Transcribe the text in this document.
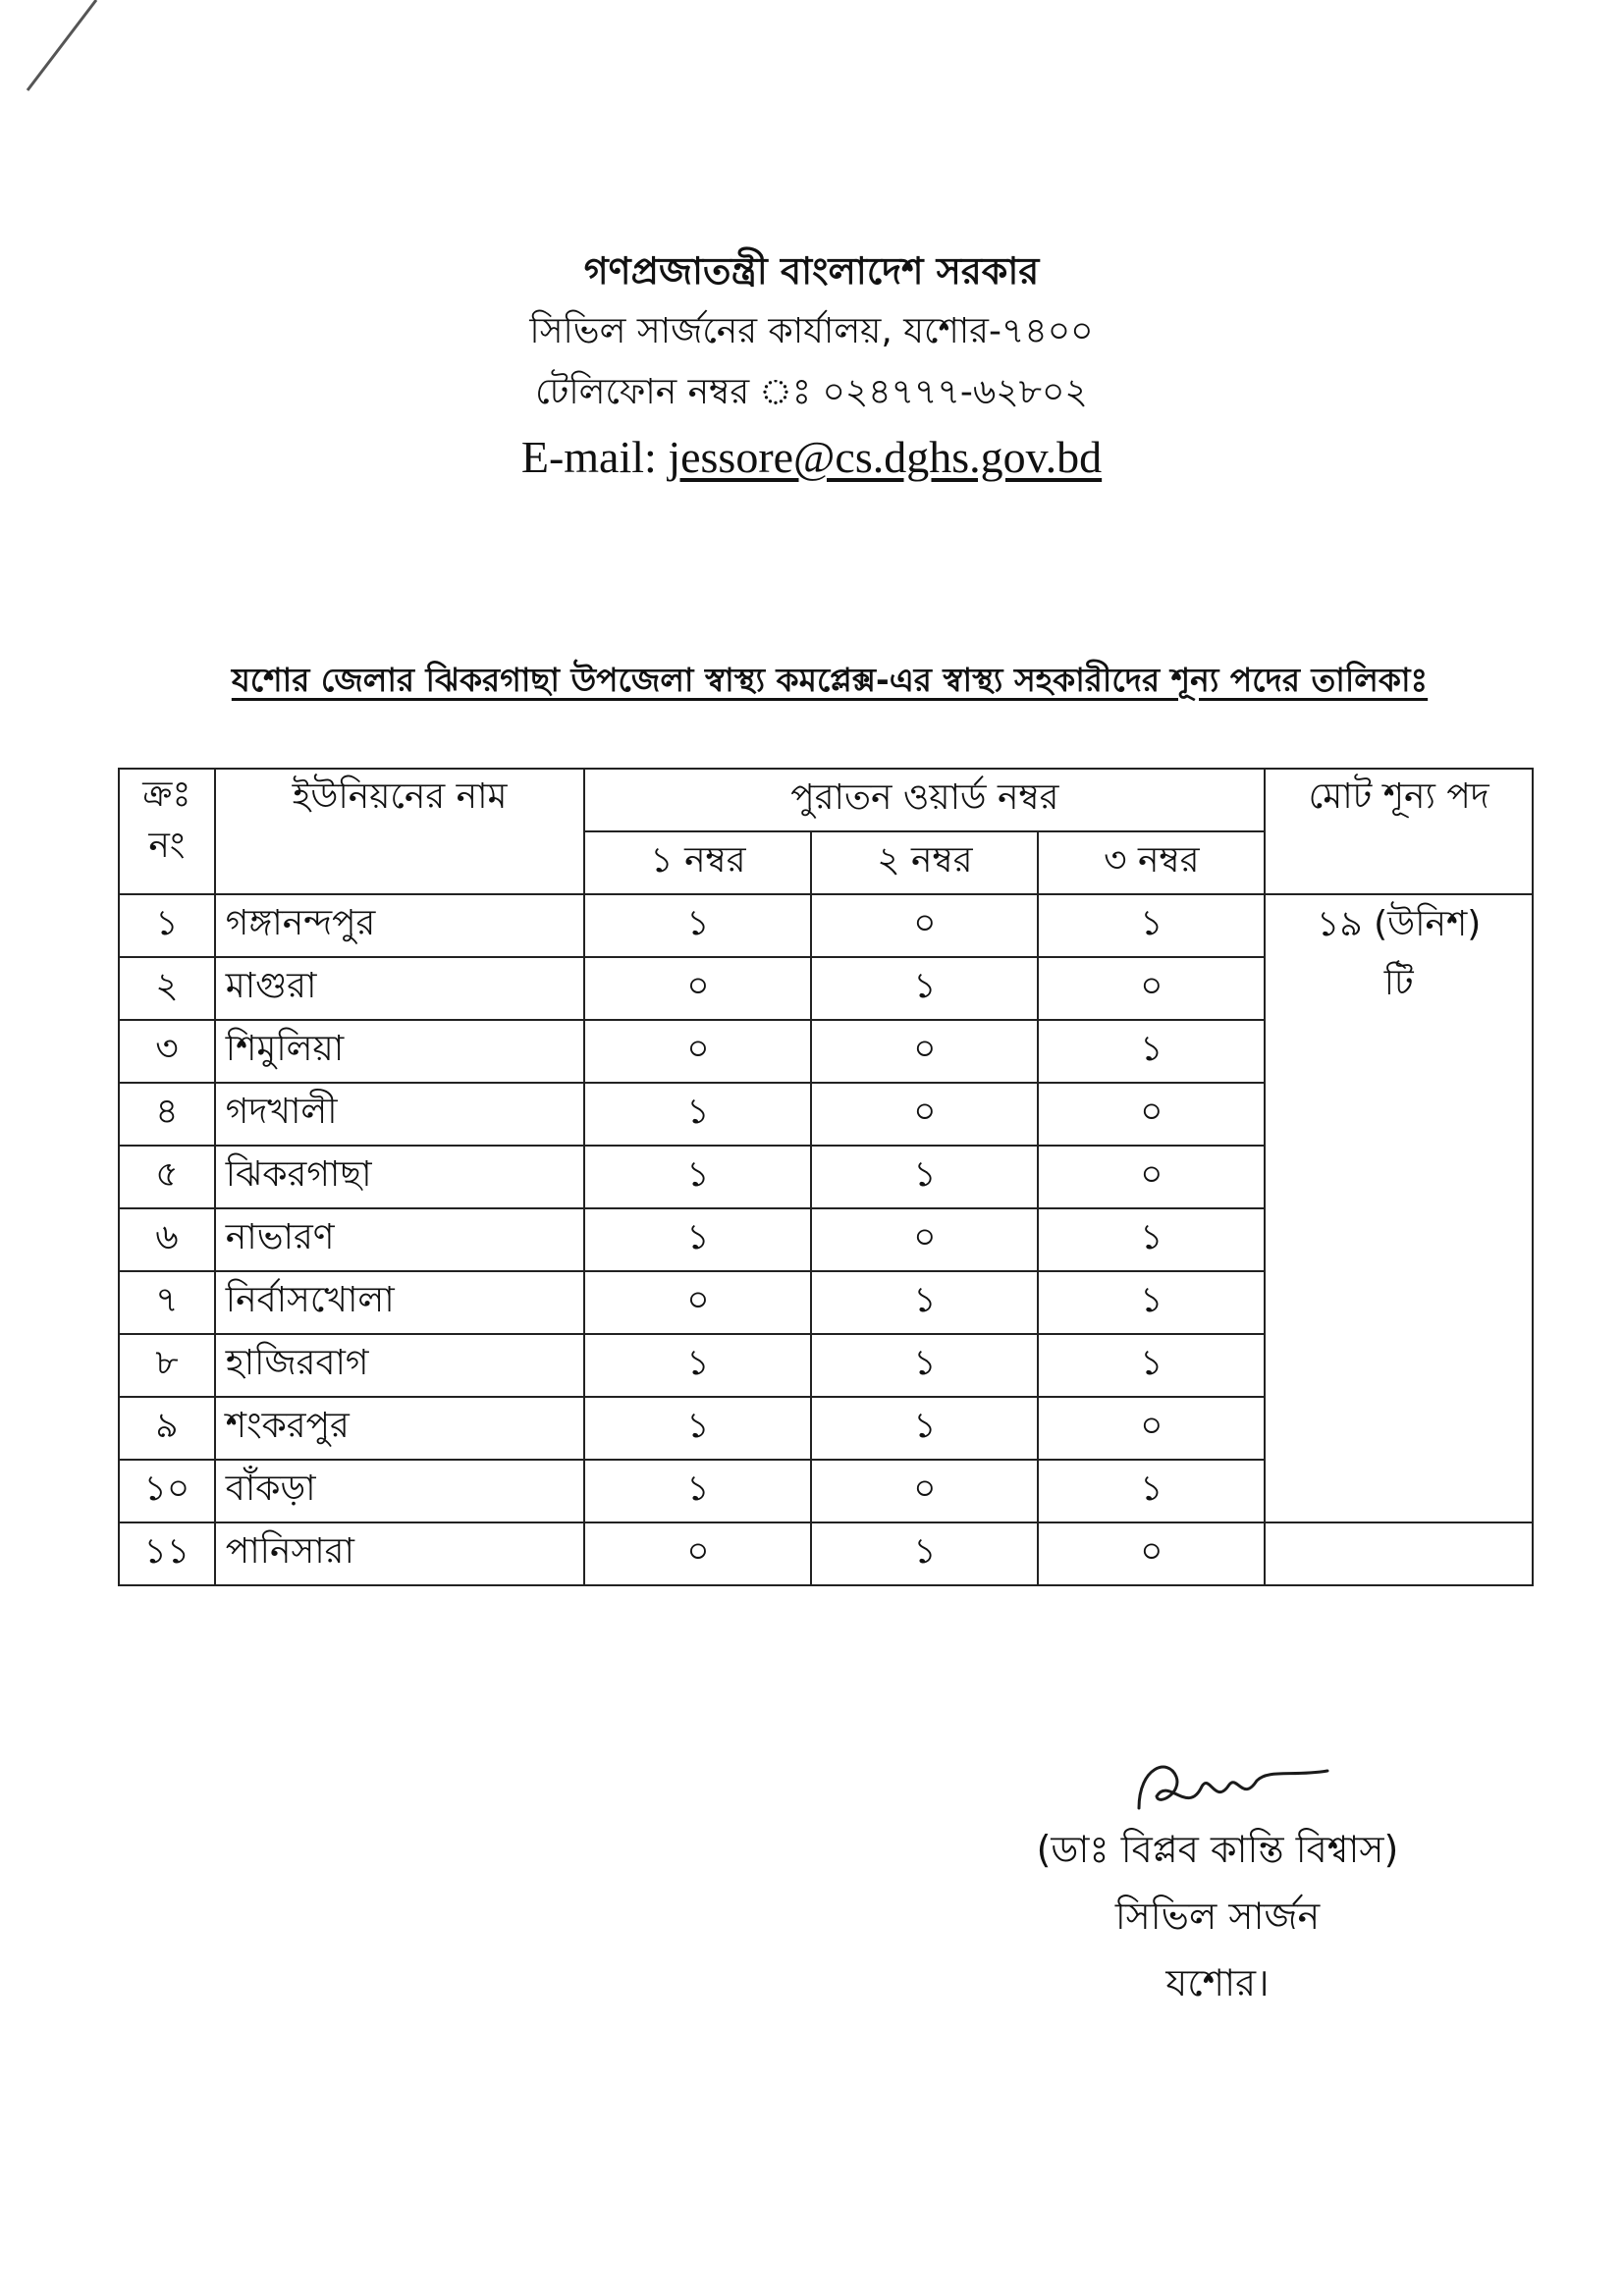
গণপ্রজাতন্ত্রী বাংলাদেশ সরকার
সিভিল সার্জনের কার্যালয়, যশোর-৭৪০০
টেলিফোন নম্বর ঃ ০২৪৭৭৭-৬২৮০২
E-mail: jessore@cs.dghs.gov.bd
যশোর জেলার ঝিকরগাছা উপজেলা স্বাস্থ্য কমপ্লেক্স-এর স্বাস্থ্য সহকারীদের শূন্য পদের তালিকাঃ
ক্রঃ
নং	ইউনিয়নের নাম	পুরাতন ওয়ার্ড নম্বর			মোট শূন্য পদ
		১ নম্বর	২ নম্বর	৩ নম্বর	
১	গঙ্গানন্দপুর	১	০	১	১৯ (উনিশ)
টি

২	মাগুরা	০	১	০	
৩	শিমুলিয়া	০	০	১	
৪	গদখালী	১	০	০	
৫	ঝিকরগাছা	১	১	০	
৬	নাভারণ	১	০	১	
৭	নির্বাসখোলা	০	১	১	
৮	হাজিরবাগ	১	১	১	
৯	শংকরপুর	১	১	০	
১০	বাঁকড়া	১	০	১	
১১	পানিসারা	০	১	০	
(ডাঃ বিপ্লব কান্তি বিশ্বাস)
সিভিল সার্জন
যশোর।
